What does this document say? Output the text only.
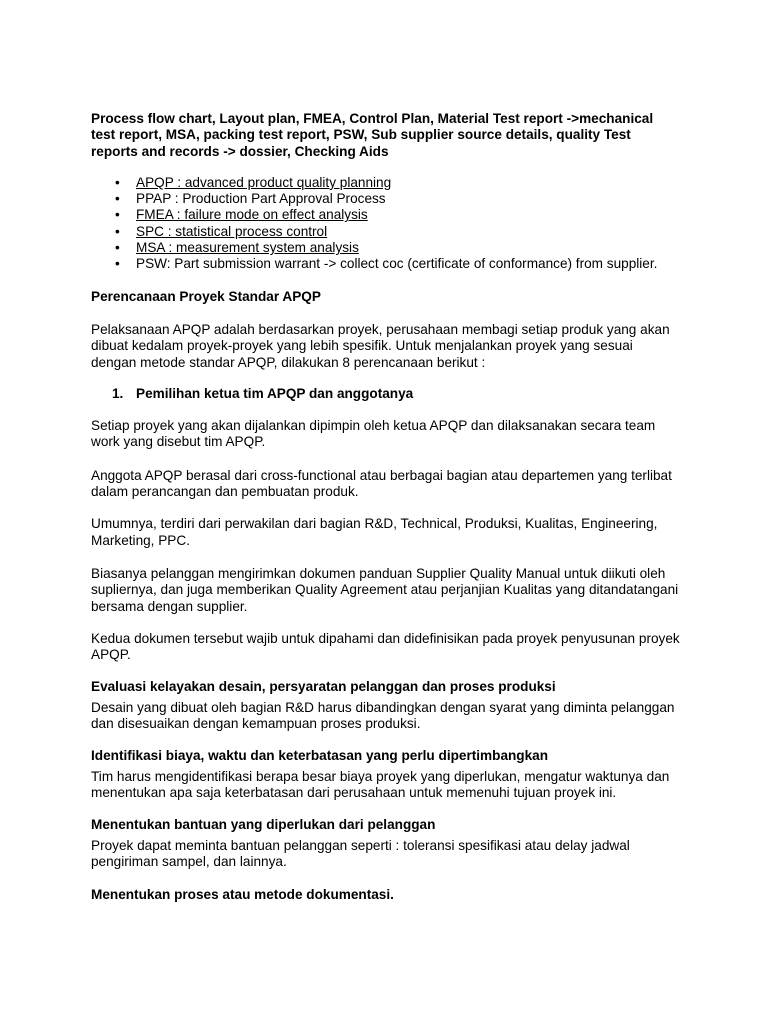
Process flow chart, Layout plan, FMEA, Control Plan, Material Test report ->mechanical test report, MSA, packing test report, PSW, Sub supplier source details, quality Test reports and records -> dossier, Checking Aids

• APQP : advanced product quality planning
• PPAP : Production Part Approval Process
• FMEA : failure mode on effect analysis
• SPC : statistical process control
• MSA : measurement system analysis
• PSW: Part submission warrant -> collect coc (certificate of conformance) from supplier.

Perencanaan Proyek Standar APQP

Pelaksanaan APQP adalah berdasarkan proyek, perusahaan membagi setiap produk yang akan dibuat kedalam proyek-proyek yang lebih spesifik. Untuk menjalankan proyek yang sesuai dengan metode standar APQP, dilakukan 8 perencanaan berikut :

1. Pemilihan ketua tim APQP dan anggotanya

Setiap proyek yang akan dijalankan dipimpin oleh ketua APQP dan dilaksanakan secara team work yang disebut tim APQP.

Anggota APQP berasal dari cross-functional atau berbagai bagian atau departemen yang terlibat dalam perancangan dan pembuatan produk.

Umumnya, terdiri dari perwakilan dari bagian R&D, Technical, Produksi, Kualitas, Engineering, Marketing, PPC.

Biasanya pelanggan mengirimkan dokumen panduan Supplier Quality Manual untuk diikuti oleh supliernya, dan juga memberikan Quality Agreement atau perjanjian Kualitas yang ditandatangani bersama dengan supplier.

Kedua dokumen tersebut wajib untuk dipahami dan didefinisikan pada proyek penyusunan proyek APQP.

Evaluasi kelayakan desain, persyaratan pelanggan dan proses produksi

Desain yang dibuat oleh bagian R&D harus dibandingkan dengan syarat yang diminta pelanggan dan disesuaikan dengan kemampuan proses produksi.

Identifikasi biaya, waktu dan keterbatasan yang perlu dipertimbangkan

Tim harus mengidentifikasi berapa besar biaya proyek yang diperlukan, mengatur waktunya dan menentukan apa saja keterbatasan dari perusahaan untuk memenuhi tujuan proyek ini.

Menentukan bantuan yang diperlukan dari pelanggan

Proyek dapat meminta bantuan pelanggan seperti : toleransi spesifikasi atau delay jadwal pengiriman sampel, dan lainnya.

Menentukan proses atau metode dokumentasi.
